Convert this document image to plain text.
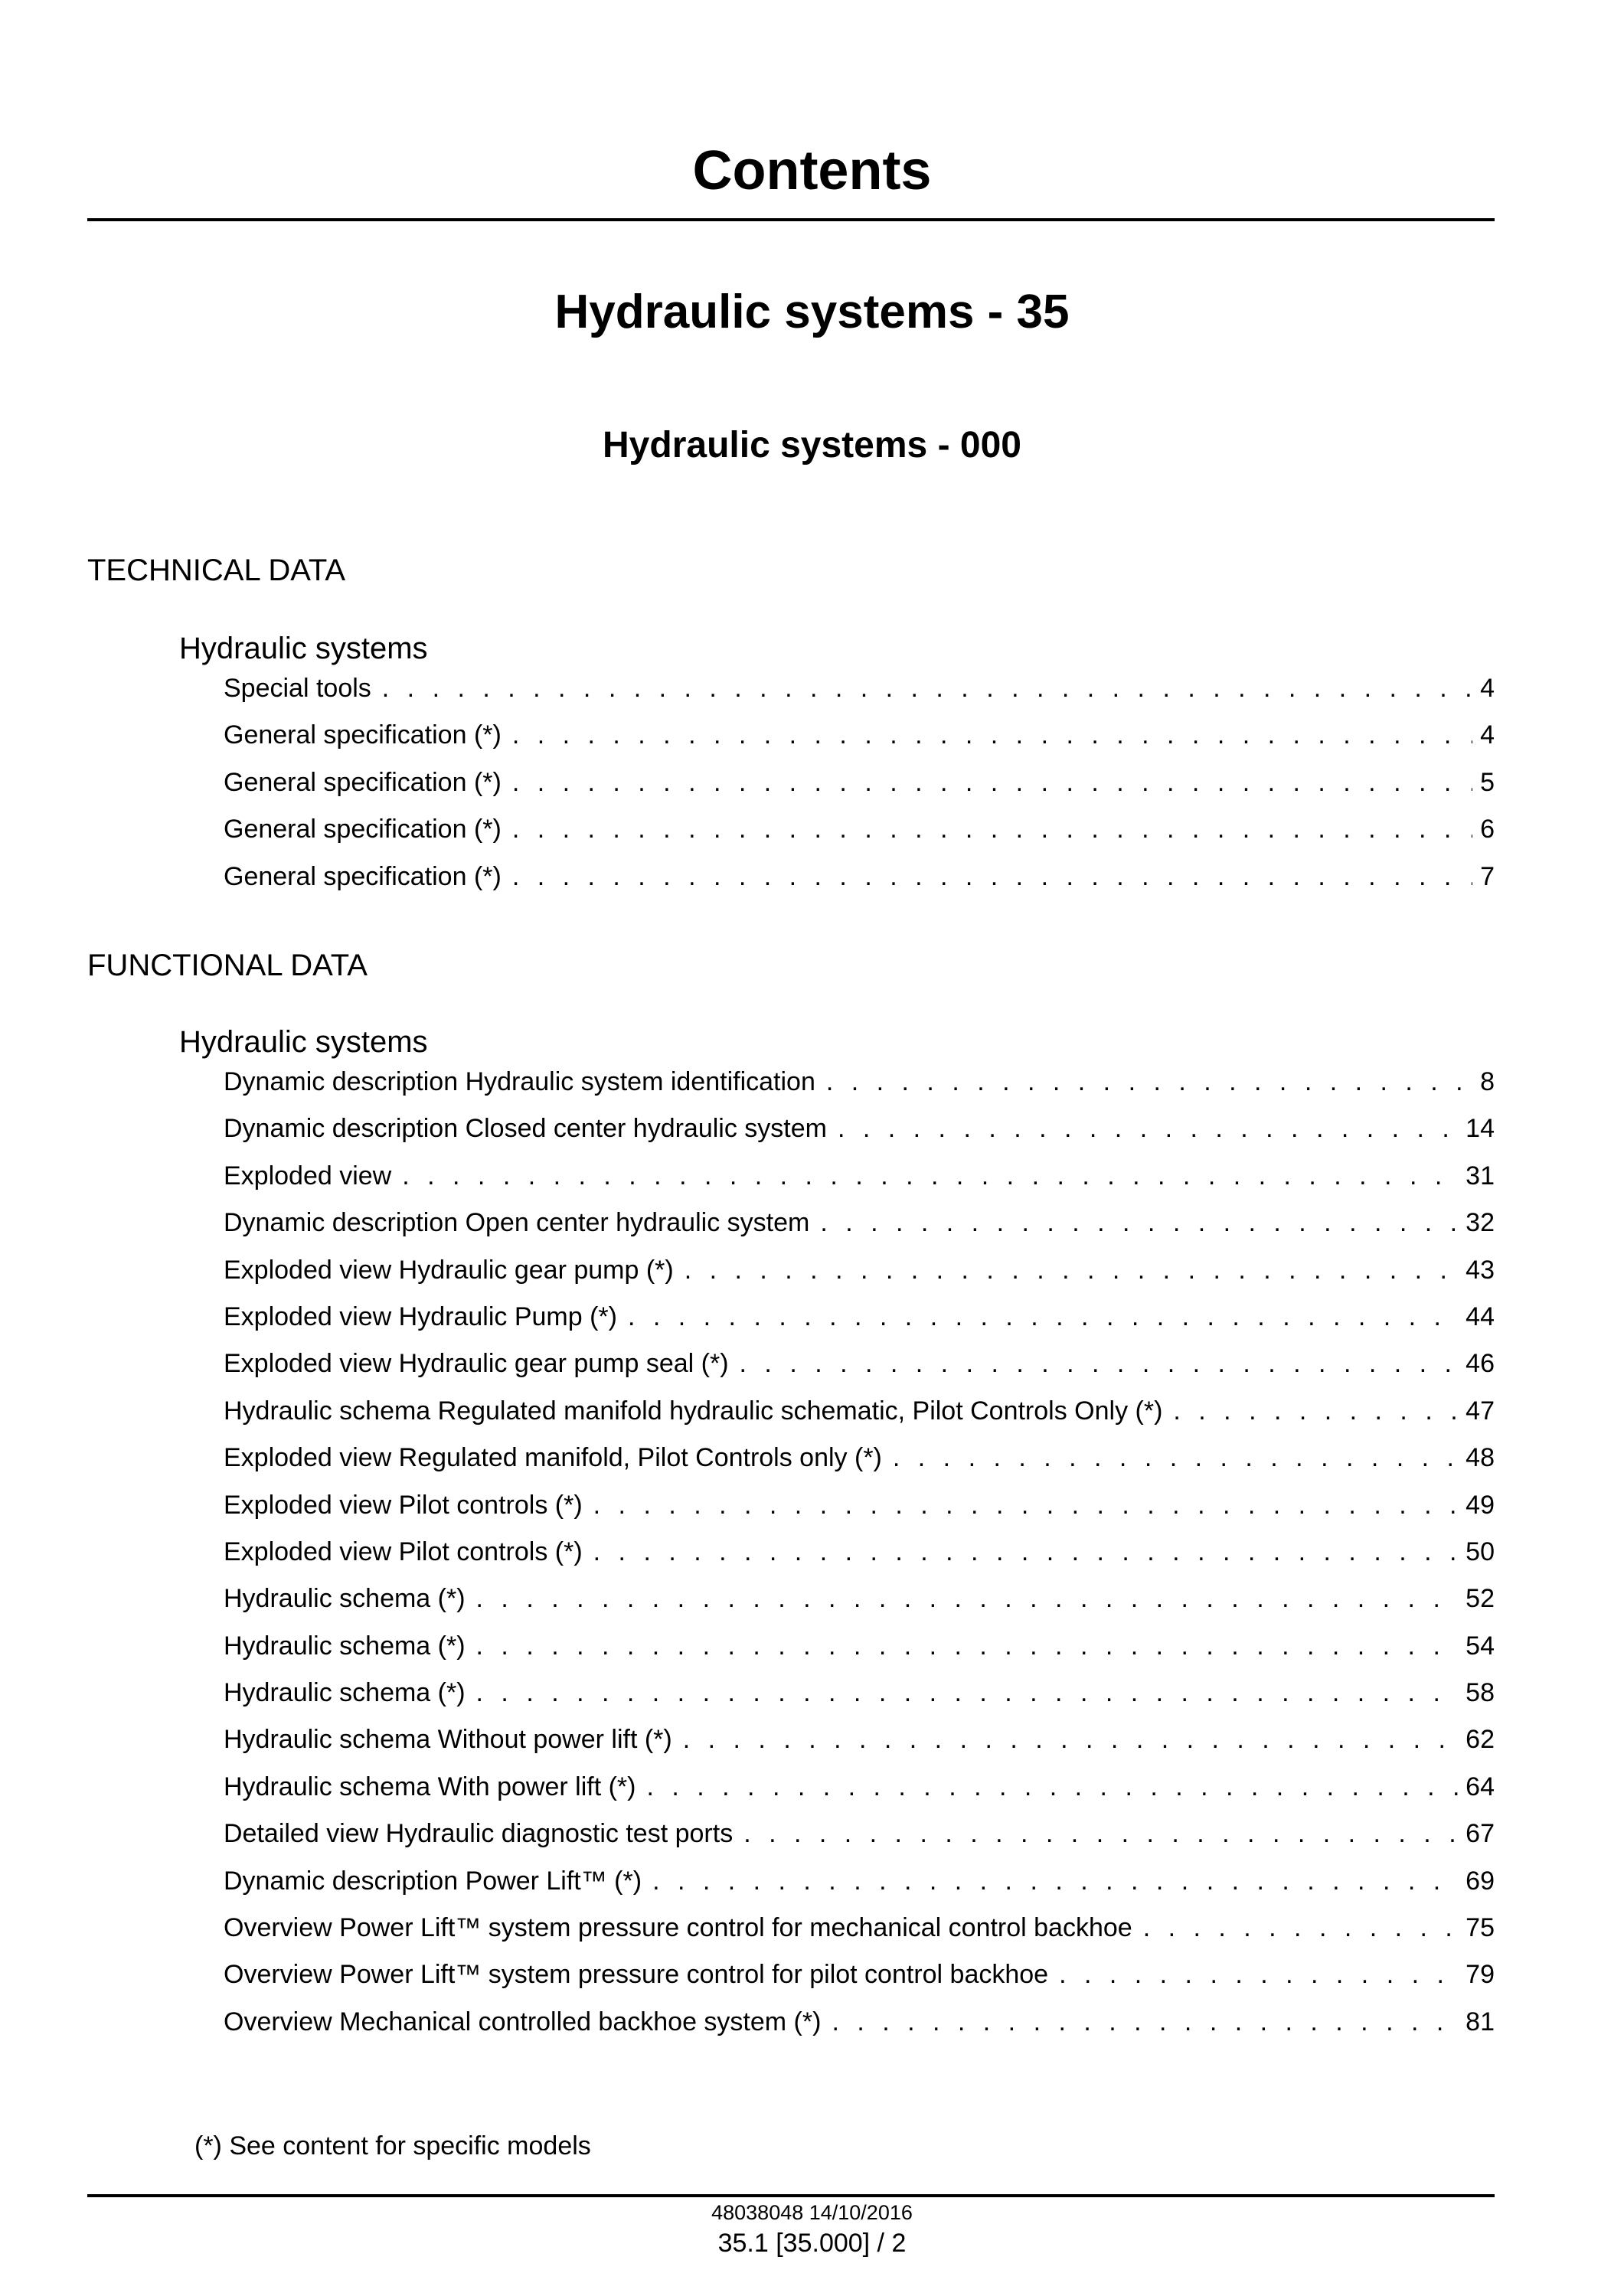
Contents
Hydraulic systems - 35
Hydraulic systems - 000
TECHNICAL DATA
Hydraulic systems
Special tools . . .	4
General specification (*) . . .	4
General specification (*) . . .	5
General specification (*) . . .	6
General specification (*) . . .	7
FUNCTIONAL DATA
Hydraulic systems
Dynamic description Hydraulic system identification . . .	8
Dynamic description Closed center hydraulic system . . .	14
Exploded view . . .	31
Dynamic description Open center hydraulic system . . .	32
Exploded view Hydraulic gear pump (*) . . .	43
Exploded view Hydraulic Pump (*) . . .	44
Exploded view Hydraulic gear pump seal (*) . . .	46
Hydraulic schema Regulated manifold hydraulic schematic, Pilot Controls Only (*) . . .	47
Exploded view Regulated manifold, Pilot Controls only (*) . . .	48
Exploded view Pilot controls (*) . . .	49
Exploded view Pilot controls (*) . . .	50
Hydraulic schema (*) . . .	52
Hydraulic schema (*) . . .	54
Hydraulic schema (*) . . .	58
Hydraulic schema Without power lift (*) . . .	62
Hydraulic schema With power lift (*) . . .	64
Detailed view Hydraulic diagnostic test ports . . .	67
Dynamic description Power Lift™ (*) . . .	69
Overview Power Lift™ system pressure control for mechanical control backhoe . . .	75
Overview Power Lift™ system pressure control for pilot control backhoe . . .	79
Overview Mechanical controlled backhoe system (*) . . .	81
(*) See content for specific models
48038048 14/10/2016
35.1 [35.000] / 2
